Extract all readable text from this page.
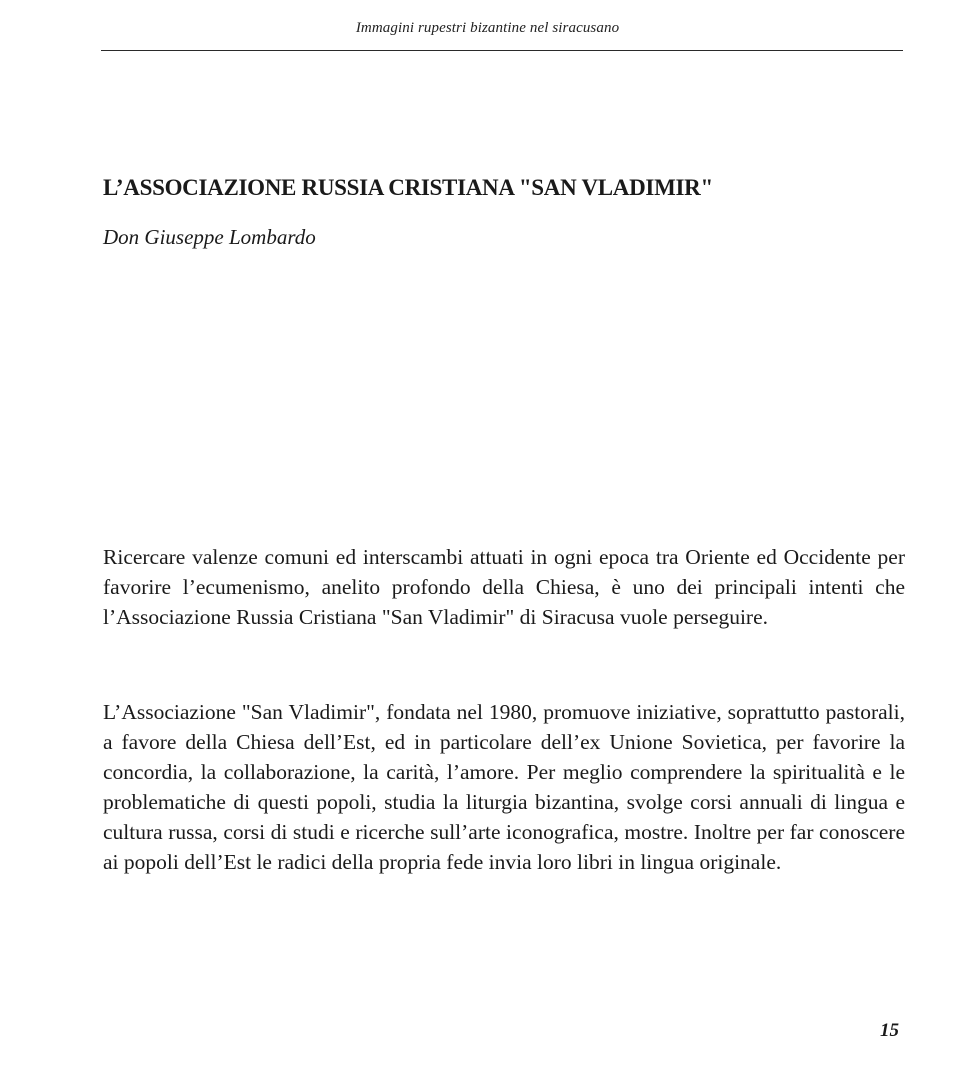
Immagini rupestri bizantine nel siracusano
L’ASSOCIAZIONE RUSSIA CRISTIANA "SAN VLADIMIR"
Don Giuseppe Lombardo

Ricercare valenze comuni ed interscambi attuati in ogni epoca tra Oriente ed Occidente per favorire l’ecumenismo, anelito profondo della Chiesa, è uno dei principali intenti che l’Associazione Russia Cristiana "San Vladimir" di Siracusa vuole perseguire.

L’Associazione "San Vladimir", fondata nel 1980, promuove iniziative, soprattutto pastorali, a favore della Chiesa dell’Est, ed in particolare dell’ex Unione Sovietica, per favorire la concordia, la collaborazione, la carità, l’amore. Per meglio comprendere la spiritualità e le problematiche di questi popoli, studia la liturgia bizantina, svolge corsi annuali di lingua e cultura russa, corsi di studi e ricerche sull’arte iconografica, mostre. Inoltre per far conoscere ai popoli dell’Est le radici della propria fede invia loro libri in lingua originale.

15
